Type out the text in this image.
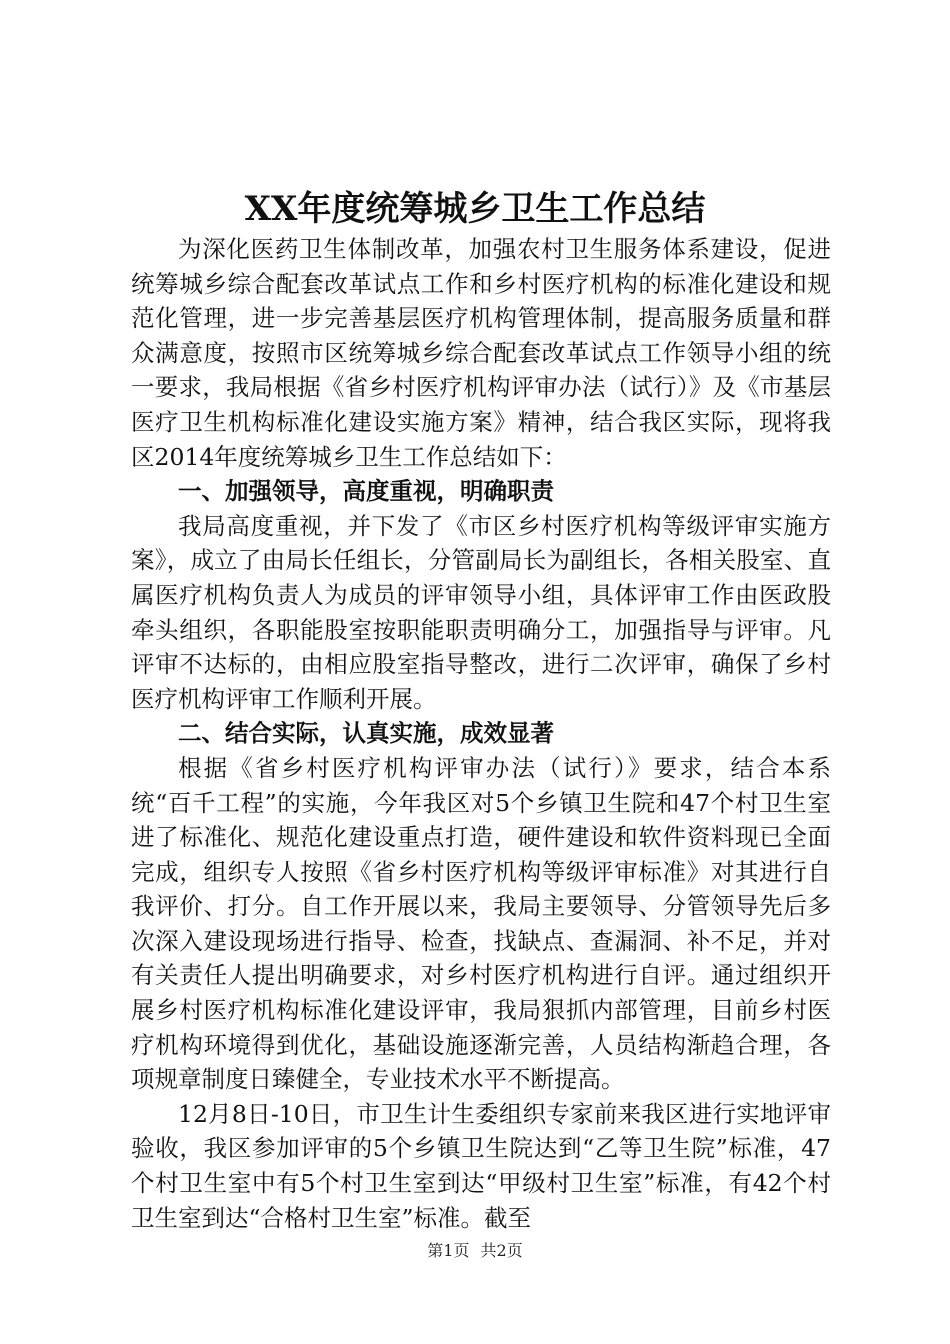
XX年度统筹城乡卫生工作总结

为深化医药卫生体制改革，加强农村卫生服务体系建设，促进统筹城乡综合配套改革试点工作和乡村医疗机构的标准化建设和规范化管理，进一步完善基层医疗机构管理体制，提高服务质量和群众满意度，按照市区统筹城乡综合配套改革试点工作领导小组的统一要求，我局根据《省乡村医疗机构评审办法（试行）》及《市基层医疗卫生机构标准化建设实施方案》精神，结合我区实际，现将我区2014年度统筹城乡卫生工作总结如下：

一、加强领导，高度重视，明确职责

我局高度重视，并下发了《市区乡村医疗机构等级评审实施方案》，成立了由局长任组长，分管副局长为副组长，各相关股室、直属医疗机构负责人为成员的评审领导小组，具体评审工作由医政股牵头组织，各职能股室按职能职责明确分工，加强指导与评审。凡评审不达标的，由相应股室指导整改，进行二次评审，确保了乡村医疗机构评审工作顺利开展。

二、结合实际，认真实施，成效显著

根据《省乡村医疗机构评审办法（试行）》要求，结合本系统“百千工程”的实施，今年我区对5个乡镇卫生院和47个村卫生室进了标准化、规范化建设重点打造，硬件建设和软件资料现已全面完成，组织专人按照《省乡村医疗机构等级评审标准》对其进行自我评价、打分。自工作开展以来，我局主要领导、分管领导先后多次深入建设现场进行指导、检查，找缺点、查漏洞、补不足，并对有关责任人提出明确要求，对乡村医疗机构进行自评。通过组织开展乡村医疗机构标准化建设评审，我局狠抓内部管理，目前乡村医疗机构环境得到优化，基础设施逐渐完善，人员结构渐趋合理，各项规章制度日臻健全，专业技术水平不断提高。

12月8日-10日，市卫生计生委组织专家前来我区进行实地评审验收，我区参加评审的5个乡镇卫生院达到“乙等卫生院”标准，47个村卫生室中有5个村卫生室到达“甲级村卫生室”标准，有42个村卫生室到达“合格村卫生室”标准。截至

第1页 共2页
